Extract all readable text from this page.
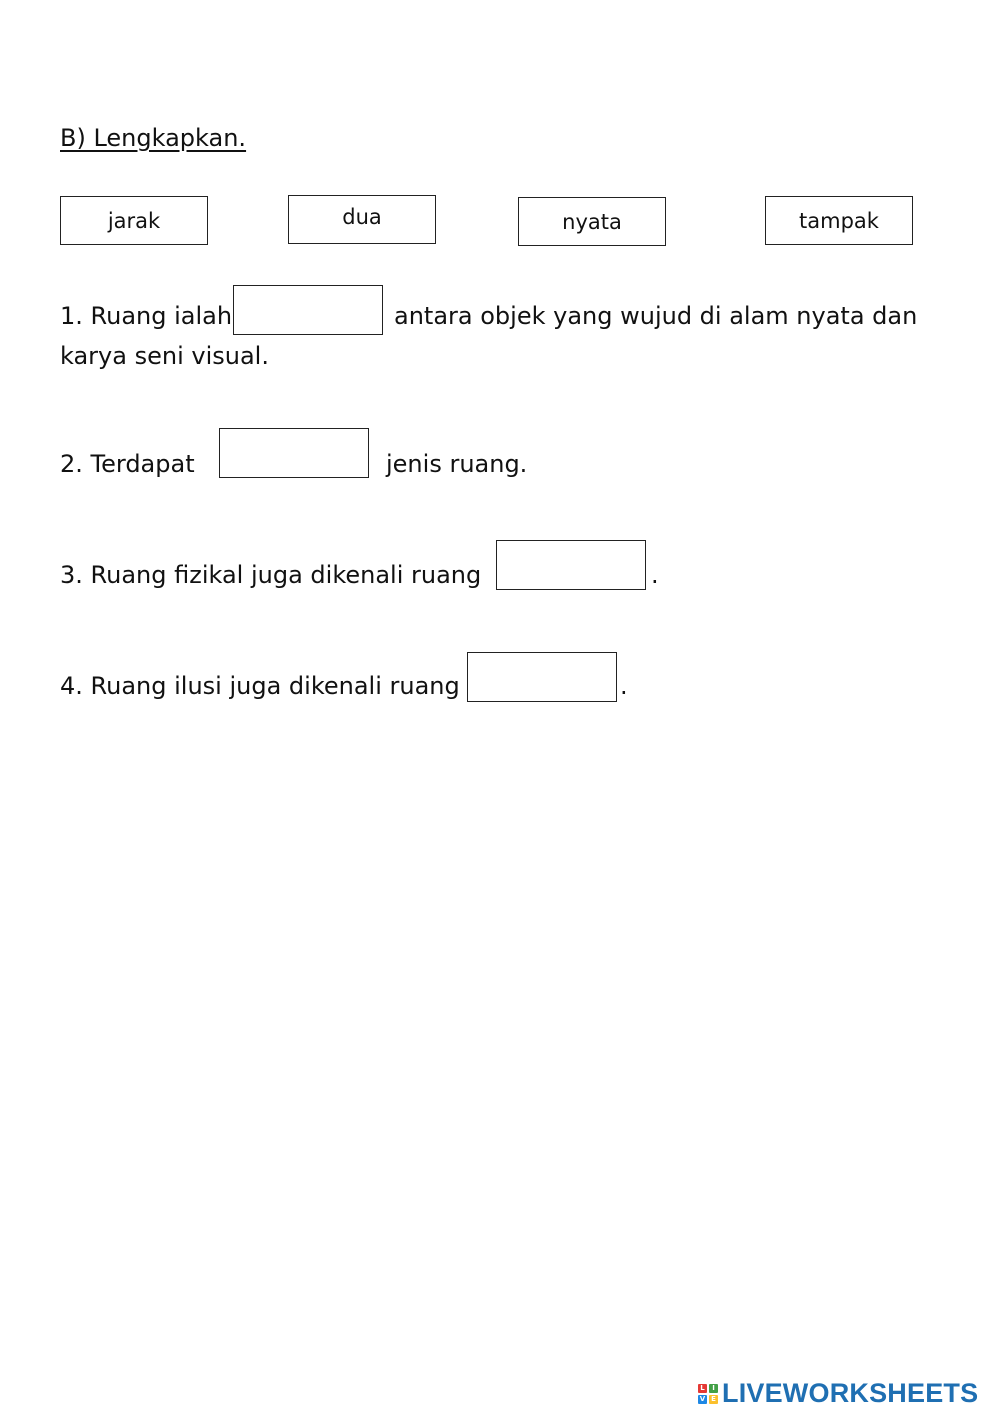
B) Lengkapkan.
jarak	dua	nyata	tampak
1. Ruang ialah	antara objek yang wujud di alam nyata dan
karya seni visual.
2. Terdapat	jenis ruang.
3. Ruang fizikal juga dikenali ruang	.
4. Ruang ilusi juga dikenali ruang	.
L	I
V E LIVEWORKSHEETS
